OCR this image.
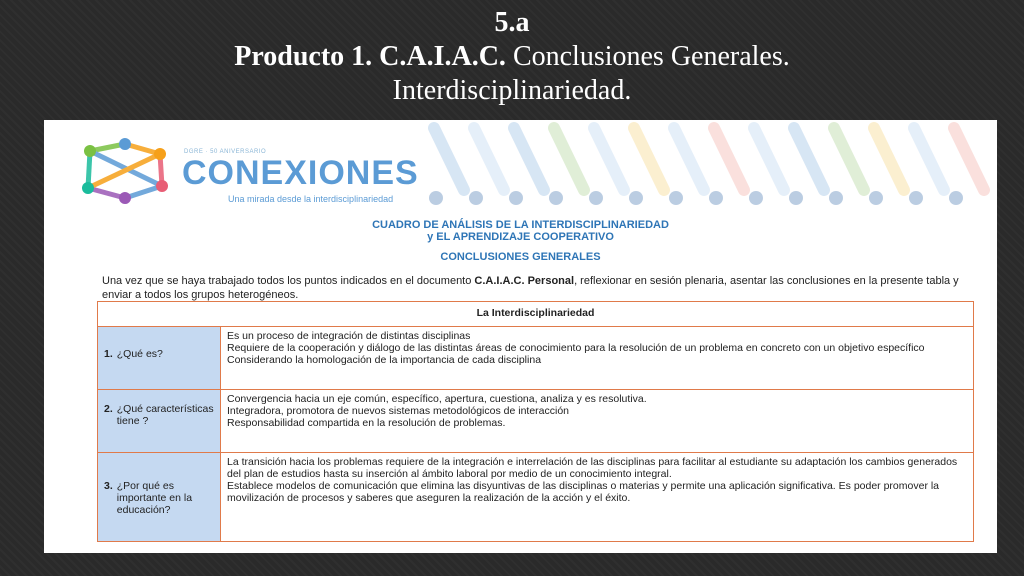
5.a
Producto 1. C.A.I.A.C. Conclusiones Generales.
Interdisciplinariedad.
DGRE · 50 ANIVERSARIO
CONEXIONES
Una mirada desde la interdisciplinariedad
CUADRO DE ANÁLISIS DE LA INTERDISCIPLINARIEDAD
y EL APRENDIZAJE COOPERATIVO
CONCLUSIONES GENERALES
Una vez que se haya trabajado todos los puntos indicados en el documento C.A.I.A.C. Personal, reflexionar en sesión plenaria, asentar las conclusiones en la presente tabla y enviar a todos los grupos heterogéneos.
La Interdisciplinariedad	

1. ¿Qué es?	Es un proceso de integración de distintas disciplinas
Requiere de la cooperación y diálogo de las distintas áreas de conocimiento para la resolución de un problema en concreto con un objetivo específico
Considerando la homologación de la importancia de cada disciplina

2. ¿Qué características tiene ?	Convergencia hacia un eje común, específico, apertura, cuestiona, analiza y es resolutiva.
Integradora, promotora de nuevos sistemas metodológicos de interacción
Responsabilidad compartida en la resolución de problemas.

3. ¿Por qué es importante en la educación?	La transición hacia los problemas requiere de la integración e interrelación de las disciplinas para facilitar al estudiante su adaptación los cambios generados del plan de estudios hasta su inserción al ámbito laboral por medio de un conocimiento integral.
Establece modelos de comunicación que elimina las disyuntivas de las disciplinas o materias y permite una aplicación significativa. Es poder promover la movilización de procesos y saberes que aseguren la realización de la acción y el éxito.
